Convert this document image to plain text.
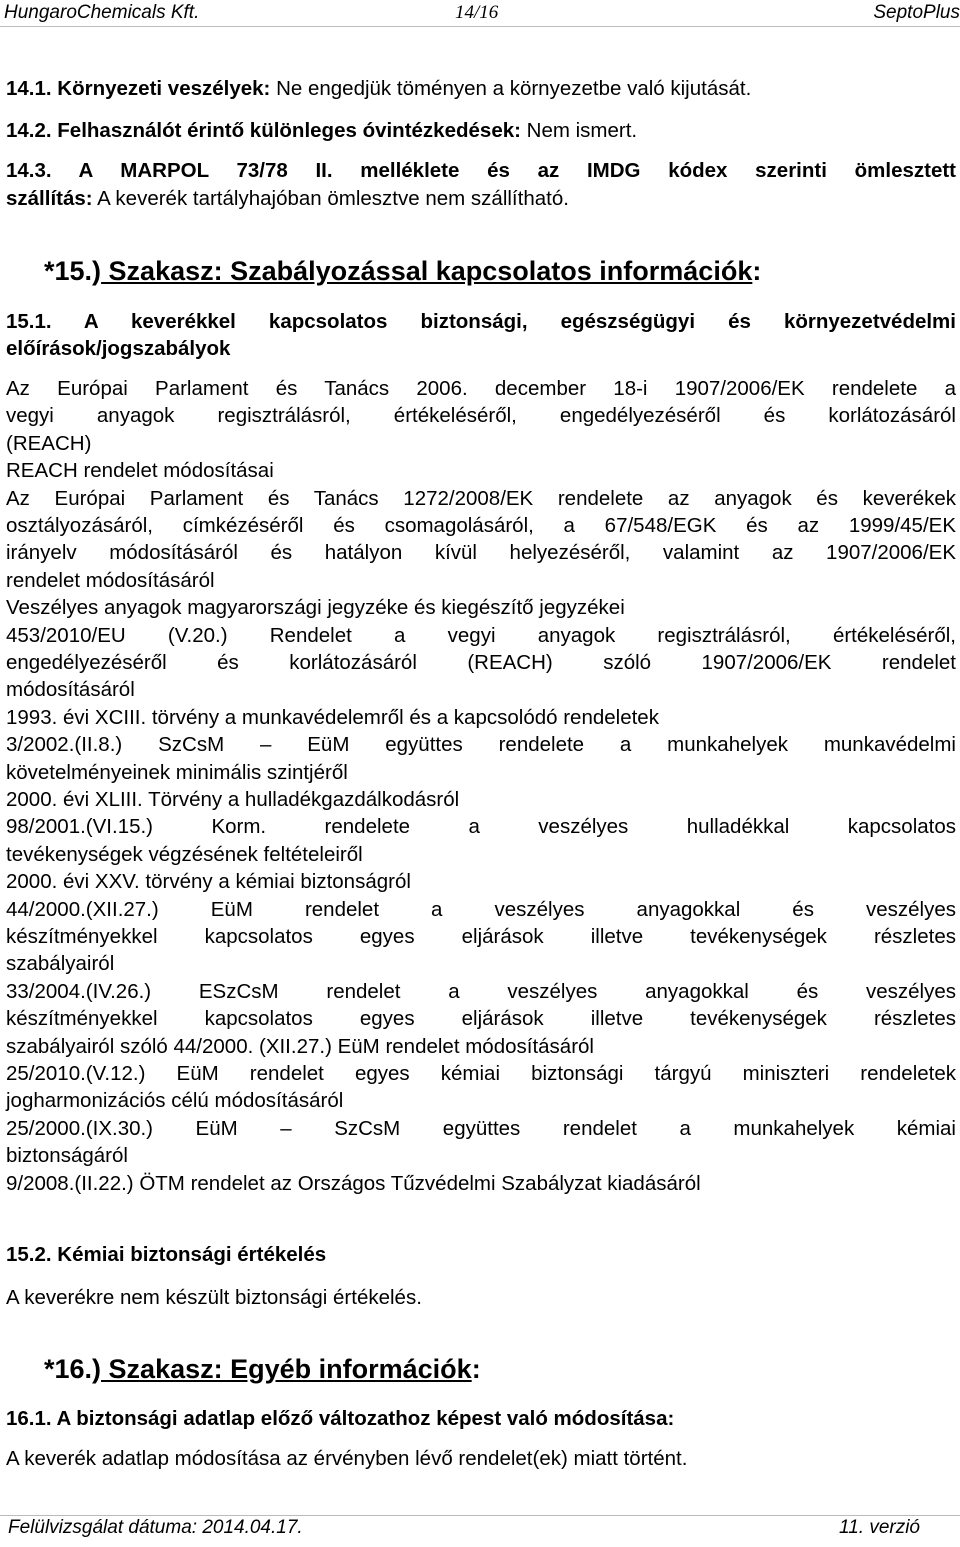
HungaroChemicals Kft.	14/16	SeptoPlus
14.1. Környezeti veszélyek: Ne engedjük töményen a környezetbe való kijutását.
14.2. Felhasználót érintő különleges óvintézkedések: Nem ismert.
14.3. A MARPOL 73/78 II. melléklete és az IMDG kódex szerinti ömlesztett
szállítás: A keverék tartályhajóban ömlesztve nem szállítható.
*15.) Szakasz: Szabályozással kapcsolatos információk:
15.1. A keverékkel kapcsolatos biztonsági, egészségügyi és környezetvédelmi
előírások/jogszabályok
Az Európai Parlament és Tanács 2006. december 18-i 1907/2006/EK rendelete a
vegyi anyagok regisztrálásról, értékeléséről, engedélyezéséről és korlátozásáról
(REACH)
REACH rendelet módosításai
Az Európai Parlament és Tanács 1272/2008/EK rendelete az anyagok és keverékek
osztályozásáról, címkézéséről és csomagolásáról, a 67/548/EGK és az 1999/45/EK
irányelv módosításáról és hatályon kívül helyezéséről, valamint az 1907/2006/EK
rendelet módosításáról
Veszélyes anyagok magyarországi jegyzéke és kiegészítő jegyzékei
453/2010/EU (V.20.) Rendelet a vegyi anyagok regisztrálásról, értékeléséről,
engedélyezéséről és korlátozásáról (REACH) szóló 1907/2006/EK rendelet
módosításáról
1993. évi XCIII. törvény a munkavédelemről és a kapcsolódó rendeletek
3/2002.(II.8.) SzCsM – EüM együttes rendelete a munkahelyek munkavédelmi
követelményeinek minimális szintjéről
2000. évi XLIII. Törvény a hulladékgazdálkodásról
98/2001.(VI.15.) Korm. rendelete a veszélyes hulladékkal kapcsolatos
tevékenységek végzésének feltételeiről
2000. évi XXV. törvény a kémiai biztonságról
44/2000.(XII.27.) EüM rendelet a veszélyes anyagokkal és veszélyes
készítményekkel kapcsolatos egyes eljárások illetve tevékenységek részletes
szabályairól
33/2004.(IV.26.) ESzCsM rendelet a veszélyes anyagokkal és veszélyes
készítményekkel kapcsolatos egyes eljárások illetve tevékenységek részletes
szabályairól szóló 44/2000. (XII.27.) EüM rendelet módosításáról
25/2010.(V.12.) EüM rendelet egyes kémiai biztonsági tárgyú miniszteri rendeletek
jogharmonizációs célú módosításáról
25/2000.(IX.30.) EüM – SzCsM együttes rendelet a munkahelyek kémiai
biztonságáról
9/2008.(II.22.) ÖTM rendelet az Országos Tűzvédelmi Szabályzat kiadásáról
15.2. Kémiai biztonsági értékelés
A keverékre nem készült biztonsági értékelés.
*16.) Szakasz: Egyéb információk:
16.1. A biztonsági adatlap előző változathoz képest való módosítása:
A keverék adatlap módosítása az érvényben lévő rendelet(ek) miatt történt.
Felülvizsgálat dátuma: 2014.04.17.	11. verzió
